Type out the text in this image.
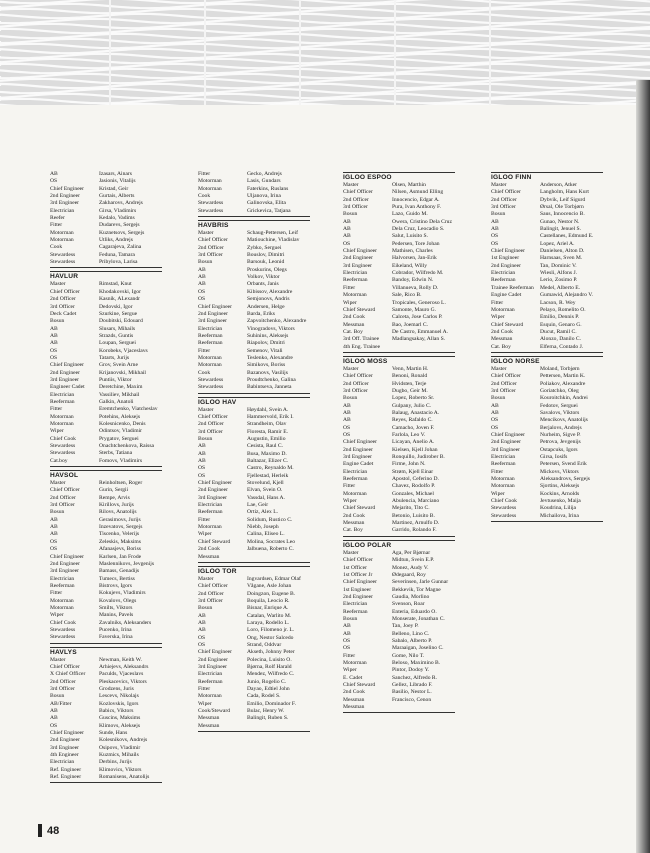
AB	Izasars, Ainars
OS	Jasionis, Vitalijs
Chief Engineer	Kristad, Geir
2nd Engineer	Gurtais, Alberts
3rd Engineer	Zakharovs, Andrejs
Electrician	Girsa, Vladimirs
Reefer	Kedalo, Vadims
Fitter	Dudarevs, Sergejs
Motorman	Kuznetsovs, Sergejs
Motorman	Utliks, Andrejs
Cook	Cagarajeva, Zalina
Stewardess	Feduna, Tamara
Stewardess	Pribylova, Larisa
HAVLUR
Master	Rimstad, Knut
Chief Officer	Khodakovski, Igor
2nd Officer	Kasnik, ALexandr
3rd Officer	Dedovski, Igor
Deck Cadet	Szurkine, Sergue
Bosun	Doubitski, Edouard
AB	Slusars, Mihails
AB	Strazds, Guntis
AB	Loupan, Serguei
OS	Korobeks, Vjaceslavs
OS	Tatarts, Jurijs
Chief Engineer	Grov, Svein Arne
2nd Engineer	Krijanovski, Mikhail
3rd Engineer	Puntiis, Viktor
Engineer Cadet	Deretchine, Maxim
Electrician	Vassiliev, Mikhail
Reeferman	Galkin, Anatoli
Fitter	Eremtchenko, Viatcheslav
Motorman	Potehins, Aleksejs
Motorman	Kolesnicenko, Denis
Wiper	Odintsov, Vladimir
Chief Cook	Prygatov, Serguei
Stewardess	Onachtchenkova, Raissa
Stewardess	Sterbs, Tatiana
Cat.boy	Fomovs, Vladimirs
HAVSOL
Master	Reinholtsen, Roger
Chief Officer	Gurin, Sergii
2nd Officer	Rempe, Arvis
3rd Officer	Kirillovs, Jurijs
Bosun	Rilovs, Anatolijs
AB	Gerasimovs, Jurijs
AB	Inzevatovs, Sergejs
AB	Tiscenko, Velerijs
OS	Zeleskis, Maksims
OS	Afanasjevs, Boriss
Chief Engineer	Karlsen, Jan Frode
2nd Engineer	Maslennikovs, Jevgenijs
3rd Engineer	Bamass, Genadijs
Electrician	Tumecs, Bertiss
Reeferman	Bistrovs, Igors
Fitter	Kokujevs, Vladimirs
Motorman	Kovalovs, Olegs
Motorman	Smilts, Viktors
Wiper	Manins, Pavels
Chief Cook	Zavalniks, Aleksanders
Stewardess	Pucenko, Irina
Stewardess	Faverska, Irina
HAVLYS
Master	Newman, Keith W.
Chief Officer	Arhiejevs, Aleksandrs
X Chief Officer	Paculds, Vjaceslavs
2nd Officer	Pleskacevics, Viktors
3rd Officer	Grodzens, Juris
Bosun	Lescevs, Nikolajs
AB/Fitter	Kozlovskis, Igors
AB	Babics, Viktors
AB	Guscins, Maksims
OS	Klimovs, Aleksejs
Chief Engineer	Sunde, Hans
2nd Engineer	Kolesnikovs, Andrejs
3rd Engineer	Osipovs, Vladimir
4th Engineer	Kuzmics, Mihails
Electrician	Derbins, Jurijs
Ref. Engineer	Klimovics, Viktors
Ref. Engineer	Romanisens, Anatolijs
Fitter	Gecko, Andrejs
Motorman	Lasis, Gundars
Motorman	Faterkins, Ruslans
Cook	Uljanova, Irina
Stewardess	Galinovska, Elita
Stewardess	Grickevica, Tatjana
HAVBRIS
Master	Schaug-Pettersen, Leif
Chief Officer	Matiouchine, Vladislav
2nd Officer	Zybko, Serguei
3rd Officer	Bouslov, Dimitri
Bosun	Barsouk, Leonid
AB	Proskurins, Olegs
AB	Volkov, Viktor
AB	Orbants, Janis
OS	Kibissov, Alexandre
OS	Semjonovs, Andris
Chief Engineer	Andersen, Helge
2nd Engineer	Barda, Eriks
3rd Engineer	Zapvoitchenko, Alexandre
Electrician	Vinogradovs, Viktors
Reeferman	Suhinins, Aleksejs
Reeferman	Riapolov, Dmitri
Fitter	Semenov, Vitali
Motorman	Teslenko, Alexandre
Motorman	Simikovs, Boriss
Cook	Bazanovs, Vasilijs
Stewardess	Proudtchenko, Galina
Stewardess	Babintseva, Janneta
IGLOO HAV
Master	Høydahl, Svein A.
Chief Officer	Hammervold, Erik I.
2nd Officer	Strandheim, Olav
3rd Officer	Floresta, Ramir E.
Bosun	Augustin, Emilio
AB	Cesista, Raul C.
AB	Busa, Maximo D.
AB	Baltazar, Elizer C.
OS	Castro, Reynaldo M.
OS	Fjellestad, Herleik
Chief Engineer	Stovelund, Kjell
2nd Engineer	Elvan, Svein O.
3rd Engineer	Vassdal, Hans A.
Electrician	Lae, Geir
Reeferman	Ortiz, Alex L.
Fitter	Solidum, Rustico C.
Motorman	Niebb, Joseph
Wiper	Calina, Eliseo L.
Chief Steward	Molina, Socrates Leo
2nd Cook	Jalbuena, Roberto C.
Messman
IGLOO TOR
Master	Ingvardsen, Edmar Olaf
Chief Officer	Vågane, Asle Johan
2nd Officer	Doingzon, Eugene B.
3rd Officer	Boquila, Leocio R.
Bosun	Bisnar, Enrique A.
AB	Catalan, Warlito M.
AB	Laraya, Rodello L.
AB	Loro, Filomeno jr. L.
OS	Ong, Nestor Salcedo
OS	Strand, Oddvar
Chief Engineer	Akseth, Johnny Peter
2nd Engineer	Polecina, Luisito O.
3rd Engineer	Bjørna, Rolf Harald
Electrician	Mendez, Wilfredo C.
Reeferman	Junio, Rogelio C.
Fitter	Dayao, Edtiel John
Motorman	Cada, Rodel S.
Wiper	Emilio, Dominador F.
Cook/Steward	Bulac, Henry W.
Messman	Balingit, Ruben S.
Messman
IGLOO ESPOO
Master	Olsen, Marthin
Chief Officer	Nilsen, Asmund Elling
2nd Officer	Innocencio, Edgar A.
3rd Officer	Pura, Ivan Anthony F.
Bosun	Lazo, Guido M.
AB	Owera, Cristino Dela Cruz
AB	Dela Cruz, Leocadio S.
AB	Salut, Luisito S.
OS	Pedersen, Tore Johan
Chief Engineer	Mathisen, Charles
2nd Engineer	Halvorsen, Jan-Erik
3rd Engineer	Eikeland, Willy
Electrician	Cobrador, Wilfredo M.
Reeferman	Bandoy, Edwin N.
Fitter	Villanueva, Rolly D.
Motorman	Sale, Rico B.
Wiper	Tropicales, Generoso L.
Chief Steward	Samonte, Mauro G.
2nd Cook	Calceta, Jose Carlos P.
Messman	Bao, Joemarl C.
Cat. Boy	De Castro, Emmanuel A.
3rd Off. Trainee	Madlangsakay, Allan S.
4th Eng. Trainee
IGLOO MOSS
Master	Venn, Martin H.
Chief Officer	Benoni, Ronald
2nd Officer	Hvidsten, Terje
3rd Officer	Dugbo, Geir M.
Bosun	Lopez, Roberto Sr.
AB	Gulpany, Julio C.
AB	Balaug, Anastacio A.
AB	Reyes, Rafaldo C.
OS	Camacho, Joven F.
OS	Farlola, Leo V.
Chief Engineer	Licayan, Anelio A.
2nd Engineer	Kielsen, Kjell Johan
3rd Engineer	Ronquillo, Judirober B.
Engine Cadet	Firme, John N.
Electrician	Strøm, Kjell Einar
Reeferman	Apostol, Ceferino D.
Fitter	Chavez, Rodolfo P.
Motorman	Gonzales, Michael
Wiper	Abulencia, Marciano
Chief Steward	Mejarito, Tito C.
2nd Cook	Betonio, Luisito B.
Messman	Martinez, Arnulfo D.
Cat. Boy	Garrido, Rolando F.
IGLOO POLAR
Master	Aga, Per Bjørnar
Chief Officer	Midtun, Svein E.P.
1st Officer	Monez, Audy V.
1st Officer Jr	Ødegaard, Roy
Chief Engineer	Severinsen, Jarle Gunnar
1st Engineer	Bekkevik, Tor Magne
2nd Engineer	Gaudia, Morlino
Electrician	Svenson, Roar
Reeferman	Enteria, Eduardo O.
Bosun	Monserate, Jonathan C.
AB	Tan, Joey P.
AB	Belleno, Lino C.
OS	Sabalo, Alberto P.
OS	Maraaigan, Joselino C.
Fitter	Gome, Nilo T.
Motorman	Beloso, Maximino B.
Wiper	Pintor, Dodoy Y.
E. Cadet	Sanchez, Alfredo R.
Chief Steward	Gellez, Librado F.
2nd Cook	Basilio, Nestor L.
Messman	Francisco, Cenon
Messman
IGLOO FINN
Master	Anderson, Atker
Chief Officer	Langholm, Hans Kurt
2nd Officer	Dybvik, Leif Sigurd
3rd Officer	Ørsal, Ole Torbjørn
Bosun	Saus, Innocencio B.
AB	Gunao, Nestor N.
AB	Balingit, Jenuel S.
OS	Castellanes, Edmund E.
OS	Lopez, Ariel A.
Chief Engineer	Danielsen, Alton D.
1st Engineer	Harnsaas, Sven M.
2nd Engineer	Tan, Dominic V.
Electrician	Wiesli, Alfons J.
Reeferman	Lerio, Zosimo P.
Trainee Reeferman	Medel, Alberto E.
Engine Cadet	Gumawid, Alejandro V.
Fitter	Lacson, R. Wey
Motorman	Pelayo, Romelito O.
Wiper	Emilio, Dennis P.
Chief Steward	Esquin, Genaro G.
2nd Cook	Ducut, Ramil C.
Messman	Alonzo, Danilo C.
Cat. Boy	Elferna, Contado J.
IGLOO NORSE
Master	Moland, Torbjørn
Chief Officer	Pettersen, Martin K.
2nd Officer	Poliakov, Alexandre
3rd Officer	Goriatchko, Oleg
Bosun	Kouroitchkin, Andrei
AB	Fedotov, Serguei
AB	Savalovs, Viktors
OS	Mencikovs, Anatolijs
OS	Berjalovs, Andrejs
Chief Engineer	Nurheim, Sigve P.
2nd Engineer	Petrova, Jevgenijs
3rd Engineer	Ostapcuks, Igors
Electrician	Girsa, Iosifs
Reeferman	Petersen, Svend Erik
Fitter	Mickovs, Viktors
Motorman	Aleksandrovs, Sergejs
Motorman	Sjortins, Aleksejs
Wiper	Kockins, Arnolds
Chief Cook	Jevtusenko, Maija
Stewardess	Koudrina, Lilija
Stewardess	Michailova, Irina
48
